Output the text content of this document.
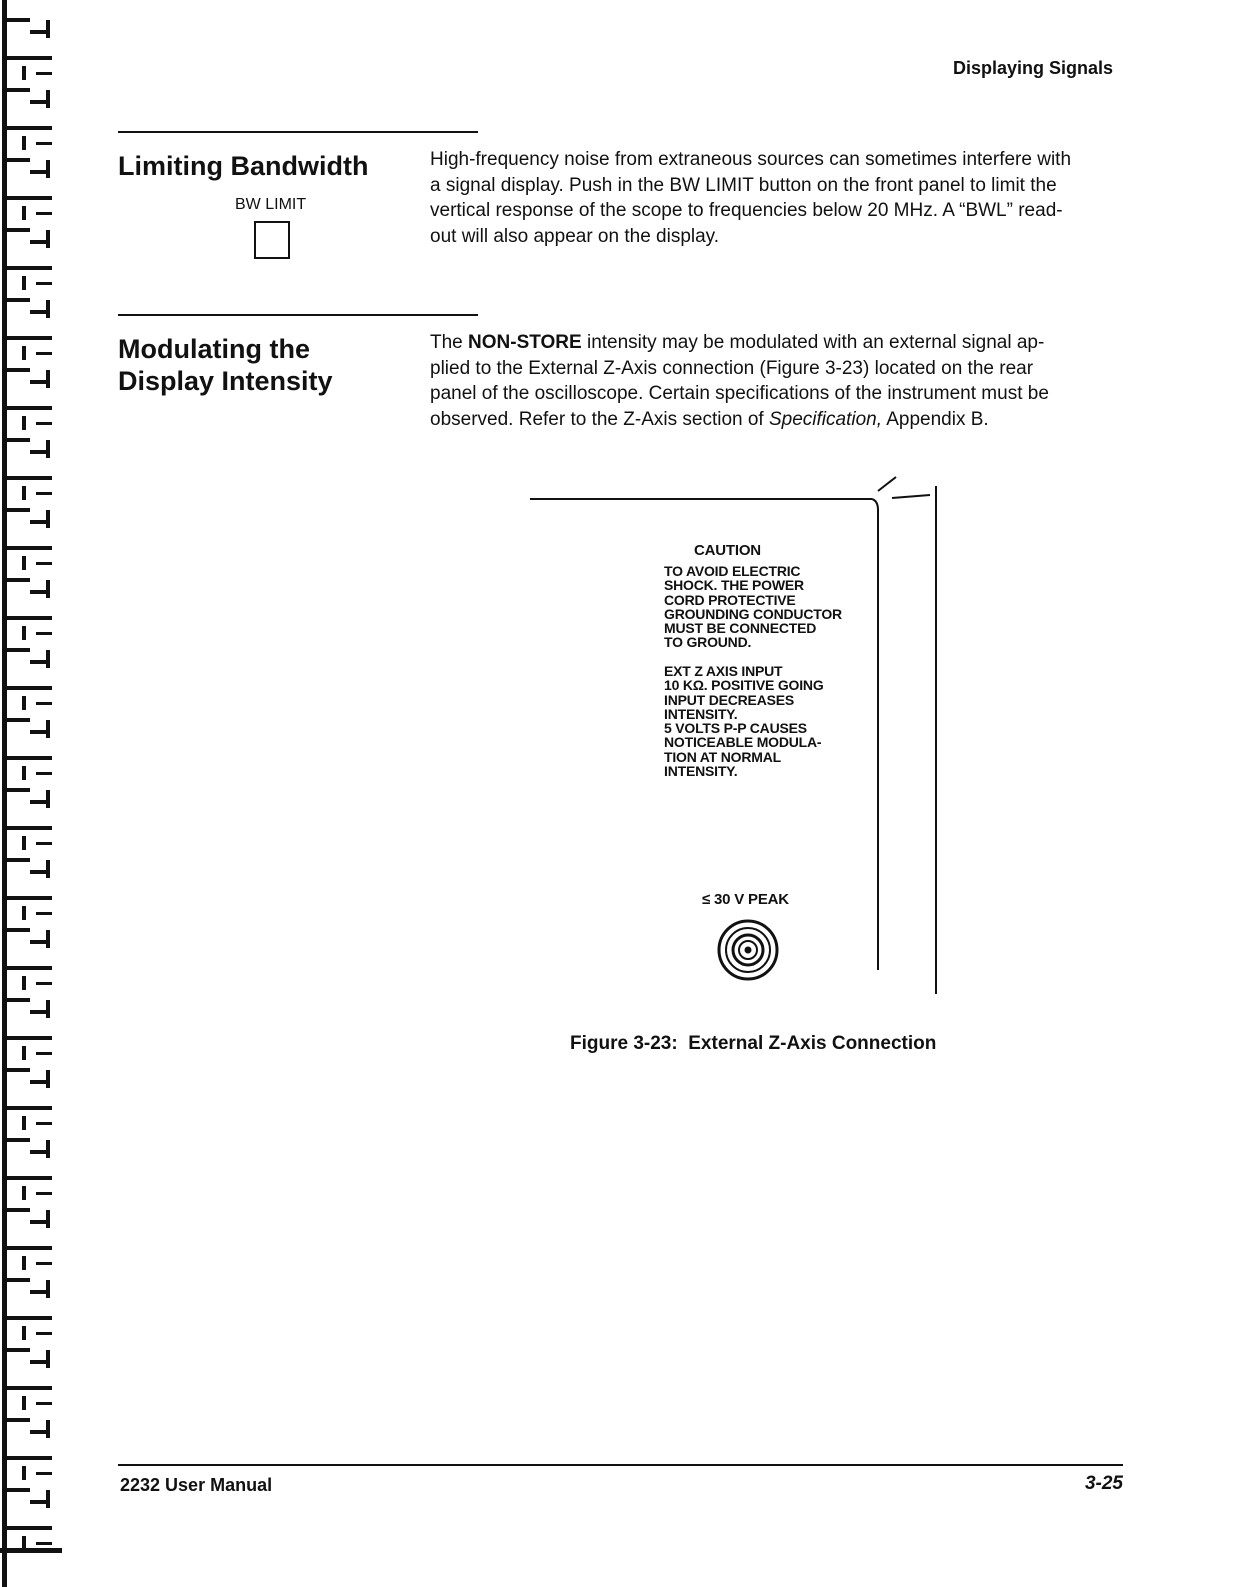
Displaying Signals
Limiting Bandwidth
BW LIMIT
High-frequency noise from extraneous sources can sometimes interfere with
a signal display. Push in the BW LIMIT button on the front panel to limit the
vertical response of the scope to frequencies below 20 MHz. A “BWL” read-
out will also appear on the display.
Modulating the
Display Intensity
The NON-STORE intensity may be modulated with an external signal ap-
plied to the External Z-Axis connection (Figure 3-23) located on the rear
panel of the oscilloscope. Certain specifications of the instrument must be
observed. Refer to the Z-Axis section of Specification, Appendix B.
CAUTION
TO AVOID ELECTRIC
SHOCK. THE POWER
CORD PROTECTIVE
GROUNDING CONDUCTOR
MUST BE CONNECTED
TO GROUND.
EXT Z AXIS INPUT
10 KΩ. POSITIVE GOING
INPUT DECREASES
INTENSITY.
5 VOLTS P-P CAUSES
NOTICEABLE MODULA-
TION AT NORMAL
INTENSITY.
≤ 30 V PEAK
Figure 3-23:  External Z-Axis Connection
2232 User Manual	3-25
